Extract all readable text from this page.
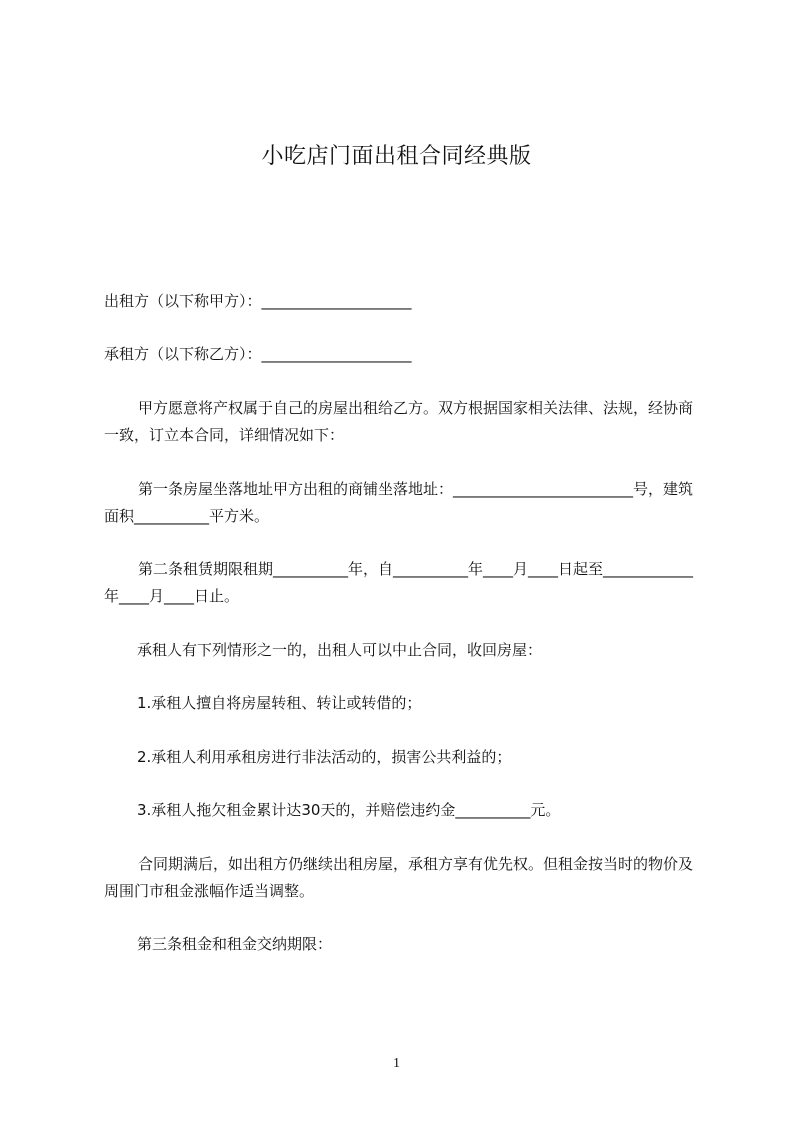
小吃店门面出租合同经典版

出租方（以下称甲方）：____________________

承租方（以下称乙方）：____________________

甲方愿意将产权属于自己的房屋出租给乙方。双方根据国家相关法律、法规，经协商一致，订立本合同，详细情况如下：

第一条房屋坐落地址甲方出租的商铺坐落地址：________________________号，建筑面积__________平方米。

第二条租赁期限租期__________年，自__________年____月____日起至____________年____月____日止。

承租人有下列情形之一的，出租人可以中止合同，收回房屋：

1.承租人擅自将房屋转租、转让或转借的；

2.承租人利用承租房进行非法活动的，损害公共利益的；

3.承租人拖欠租金累计达30天的，并赔偿违约金__________元。

合同期满后，如出租方仍继续出租房屋，承租方享有优先权。但租金按当时的物价及周围门市租金涨幅作适当调整。

第三条租金和租金交纳期限：

1
